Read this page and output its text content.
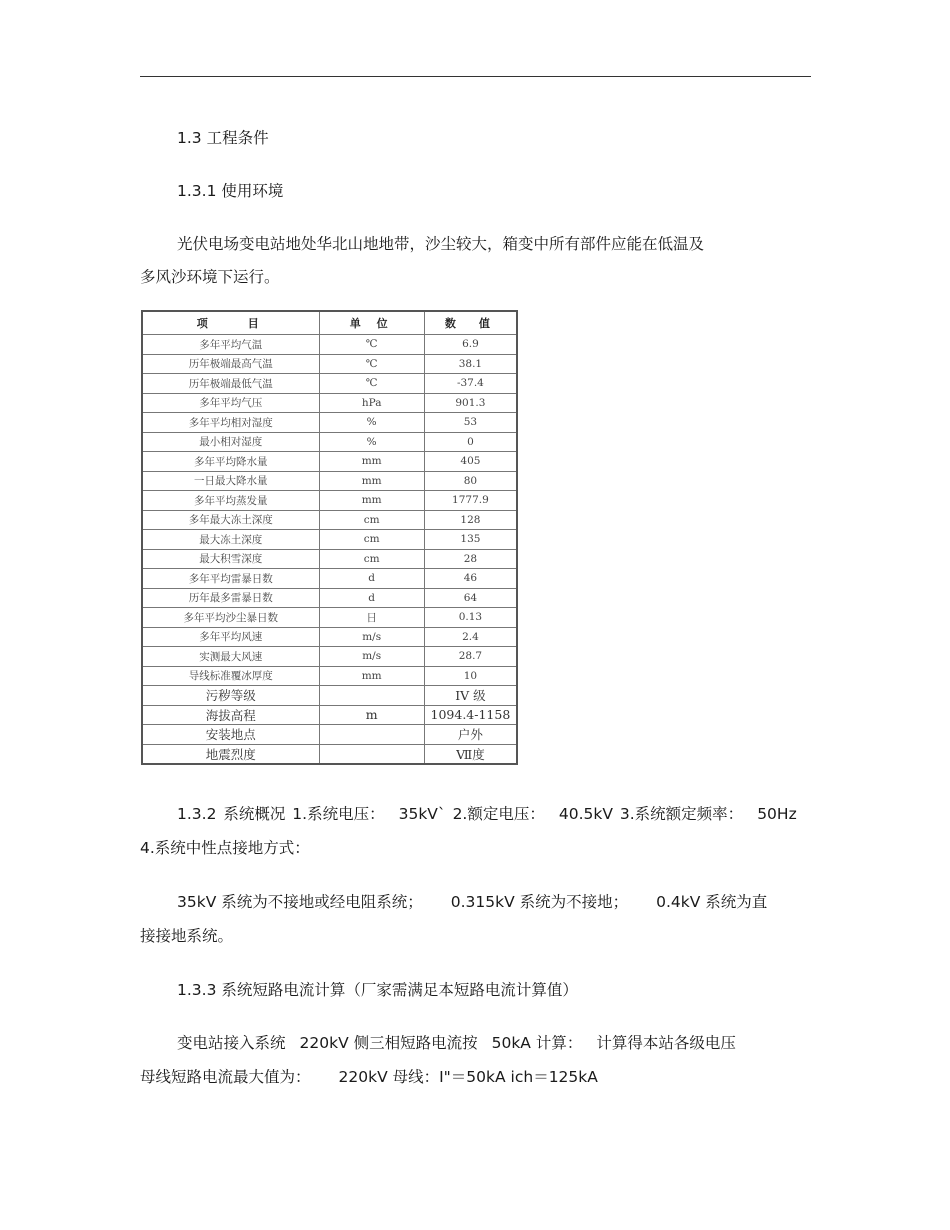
1.3 工程条件
1.3.1 使用环境
光伏电场变电站地处华北山地地带，沙尘较大，箱变中所有部件应能在低温及
多风沙环境下运行。
项　　目	单 位	数　值
多年平均气温	℃	6.9
历年极端最高气温	℃	38.1
历年极端最低气温	℃	-37.4
多年平均气压	hPa	901.3
多年平均相对湿度	%	53
最小相对湿度	%	0
多年平均降水量	mm	405
一日最大降水量	mm	80
多年平均蒸发量	mm	1777.9
多年最大冻土深度	cm	128
最大冻土深度	cm	135
最大积雪深度	cm	28
多年平均雷暴日数	d	46
历年最多雷暴日数	d	64
多年平均沙尘暴日数	日	0.13
多年平均风速	m/s	2.4
实测最大风速	m/s	28.7
导线标准覆冰厚度	mm	10
污秽等级		IV 级
海拔高程	m	1094.4-1158
安装地点		户外
地震烈度		Ⅶ度
1.3.2 系统概况 1.系统电压： 35kV` 2.额定电压： 40.5kV 3.系统额定频率： 50Hz
4.系统中性点接地方式：
35kV 系统为不接地或经电阻系统； 0.315kV 系统为不接地； 0.4kV 系统为直
接接地系统。
1.3.3 系统短路电流计算（厂家需满足本短路电流计算值）
变电站接入系统 220kV 侧三相短路电流按 50kA 计算： 计算得本站各级电压
母线短路电流最大值为： 220kV 母线：I"＝50kA ich＝125kA
